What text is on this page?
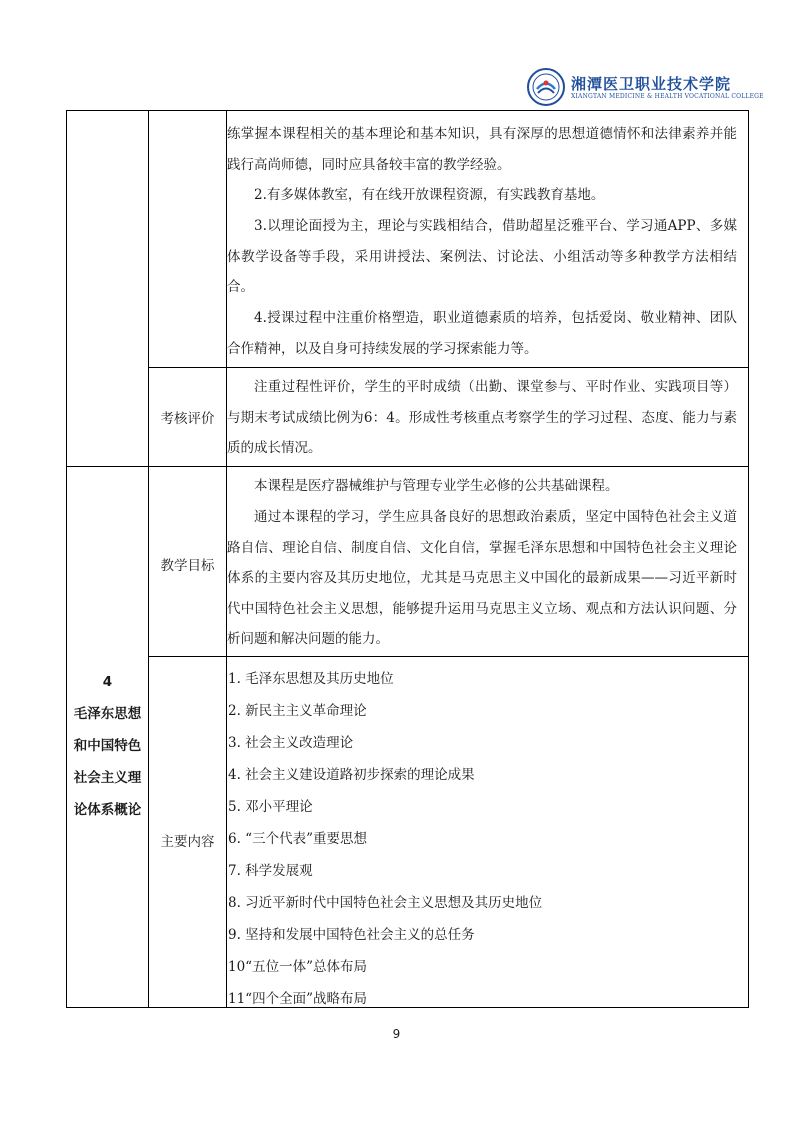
湘潭医卫职业技术学院
XIANGTAN MEDICINE & HEALTH VOCATIONAL COLLEGE

练掌握本课程相关的基本理论和基本知识，具有深厚的思想道德情怀和法律素养并能践行高尚师德，同时应具备较丰富的教学经验。

2.有多媒体教室，有在线开放课程资源，有实践教育基地。

3.以理论面授为主，理论与实践相结合，借助超星泛雅平台、学习通APP、多媒体教学设备等手段，采用讲授法、案例法、讨论法、小组活动等多种教学方法相结合。

4.授课过程中注重价格塑造，职业道德素质的培养，包括爱岗、敬业精神、团队合作精神，以及自身可持续发展的学习探索能力等。

考核评价

注重过程性评价，学生的平时成绩（出勤、课堂参与、平时作业、实践项目等）与期末考试成绩比例为6：4。形成性考核重点考察学生的学习过程、态度、能力与素质的成长情况。

4
毛泽东思想
和中国特色
社会主义理
论体系概论
教学目标

本课程是医疗器械维护与管理专业学生必修的公共基础课程。

通过本课程的学习，学生应具备良好的思想政治素质，坚定中国特色社会主义道路自信、理论自信、制度自信、文化自信，掌握毛泽东思想和中国特色社会主义理论体系的主要内容及其历史地位，尤其是马克思主义中国化的最新成果——习近平新时代中国特色社会主义思想，能够提升运用马克思主义立场、观点和方法认识问题、分析问题和解决问题的能力。

主要内容
1. 毛泽东思想及其历史地位
2. 新民主主义革命理论
3. 社会主义改造理论
4. 社会主义建设道路初步探索的理论成果
5. 邓小平理论
6. “三个代表”重要思想
7. 科学发展观
8. 习近平新时代中国特色社会主义思想及其历史地位
9. 坚持和发展中国特色社会主义的总任务
10“五位一体”总体布局
11“四个全面”战略布局
9
